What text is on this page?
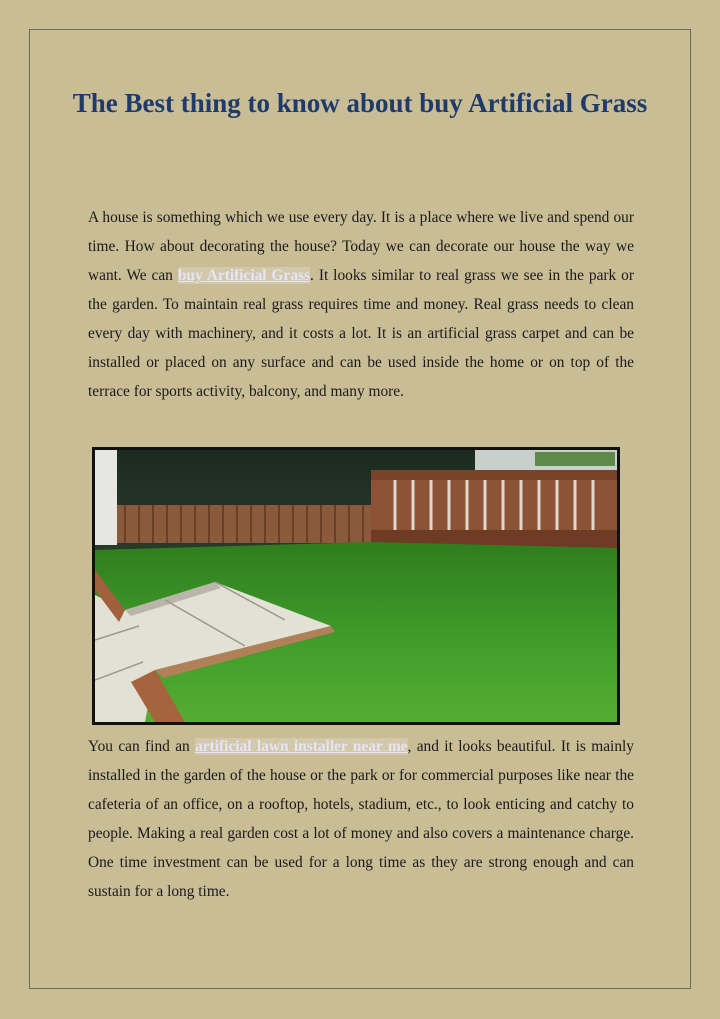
The Best thing to know about buy Artificial Grass

A house is something which we use every day. It is a place where we live and spend our time. How about decorating the house? Today we can decorate our house the way we want. We can buy Artificial Grass. It looks similar to real grass we see in the park or the garden. To maintain real grass requires time and money. Real grass needs to clean every day with machinery, and it costs a lot. It is an artificial grass carpet and can be installed or placed on any surface and can be used inside the home or on top of the terrace for sports activity, balcony, and many more.

You can find an artificial lawn installer near me, and it looks beautiful. It is mainly installed in the garden of the house or the park or for commercial purposes like near the cafeteria of an office, on a rooftop, hotels, stadium, etc., to look enticing and catchy to people. Making a real garden cost a lot of money and also covers a maintenance charge. One time investment can be used for a long time as they are strong enough and can sustain for a long time.
